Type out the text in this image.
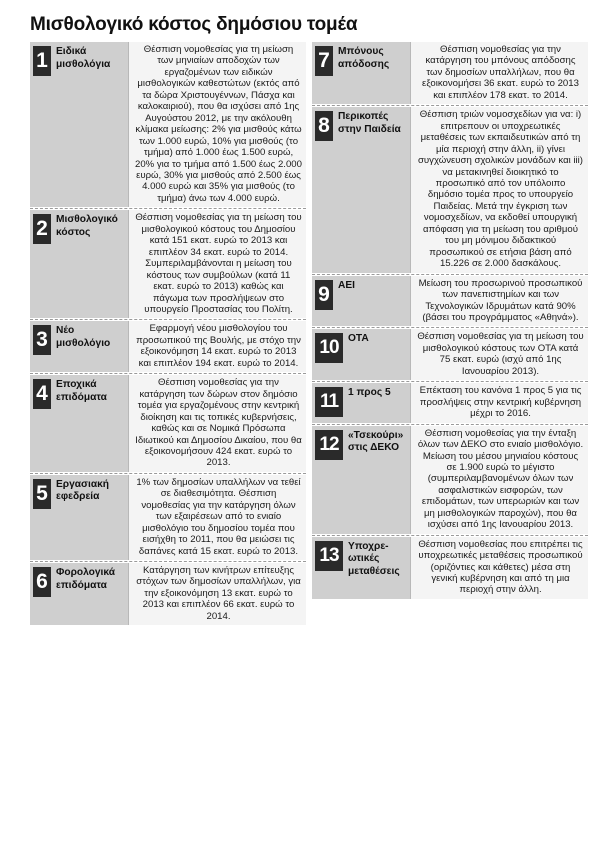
Μισθολογικό κόστος δημόσιου τομέα
1 Ειδικά μισθολόγια
Θέσπιση νομοθεσίας για τη μείωση των μηνιαίων αποδοχών των εργαζομένων των ειδικών μισθολογικών καθεστώτων (εκτός από τα δώρα Χριστουγέννων, Πάσχα και καλοκαιριού), που θα ισχύσει από 1ης Αυγούστου 2012, με την ακόλουθη κλίμακα μείωσης: 2% για μισθούς κάτω των 1.000 ευρώ, 10% για μισθούς (το τμήμα) από 1.000 έως 1.500 ευρώ, 20% για το τμήμα από 1.500 έως 2.000 ευρώ, 30% για μισθούς από 2.500 έως 4.000 ευρώ και 35% για μισθούς (το τμήμα) άνω των 4.000 ευρώ.
2 Μισθολογικό κόστος
Θέσπιση νομοθεσίας για τη μείωση του μισθολογικού κόστους του Δημοσίου κατά 151 εκατ. ευρώ το 2013 και επιπλέον 34 εκατ. ευρώ το 2014. Συμπεριλαμβάνονται η μείωση του κόστους των συμβούλων (κατά 11 εκατ. ευρώ το 2013) καθώς και πάγωμα των προσλήψεων στο υπουργείο Προστασίας του Πολίτη.
3 Νέο μισθολόγιο
Εφαρμογή νέου μισθολογίου του προσωπικού της Βουλής, με στόχο την εξοικονόμηση 14 εκατ. ευρώ το 2013 και επιπλέον 194 εκατ. ευρώ το 2014.
4 Εποχικά επιδόματα
Θέσπιση νομοθεσίας για την κατάργηση των δώρων στον δημόσιο τομέα για εργαζομένους στην κεντρική διοίκηση και τις τοπικές κυβερνήσεις, καθώς και σε Νομικά Πρόσωπα Ιδιωτικού και Δημοσίου Δικαίου, που θα εξοικονομήσουν 424 εκατ. ευρώ το 2013.
5 Εργασιακή εφεδρεία
1% των δημοσίων υπαλλήλων να τεθεί σε διαθεσιμότητα. Θέσπιση νομοθεσίας για την κατάργηση όλων των εξαιρέσεων από το ενιαίο μισθολόγιο του δημοσίου τομέα που εισήχθη το 2011, που θα μειώσει τις δαπάνες κατά 15 εκατ. ευρώ το 2013.
6 Φορολογικά επιδόματα
Κατάργηση των κινήτρων επίτευξης στόχων των δημοσίων υπαλλήλων, για την εξοικονόμηση 13 εκατ. ευρώ το 2013 και επιπλέον 66 εκατ. ευρώ το 2014.
7 Μπόνους απόδοσης
Θέσπιση νομοθεσίας για την κατάργηση του μπόνους απόδοσης των δημοσίων υπαλλήλων, που θα εξοικονομήσει 36 εκατ. ευρώ το 2013 και επιπλέον 178 εκατ. το 2014.
8 Περικοπές στην Παιδεία
Θέσπιση τριών νομοσχεδίων για να: i) επιτρεπουν οι υποχρεωτικές μεταθέσεις των εκπαιδευτικών από τη μία περιοχή στην άλλη, ii) γίνει συγχώνευση σχολικών μονάδων και iii) να μετακινηθεί διοικητικό το προσωπικό από τον υπόλοιπο δημόσιο τομέα προς το υπουργείο Παιδείας. Μετά την έγκριση των νομοσχεδίων, να εκδοθεί υπουργική απόφαση για τη μείωση του αριθμού του μη μόνιμου διδακτικού προσωπικού σε ετήσια βάση από 15.226 σε 2.000 δασκάλους.
9 ΑΕΙ	Μείωση του προσωρινού προσωπικού των πανεπιστημίων και των Τεχνολογικών Ιδρυμάτων κατά 90% (βάσει του προγράμματος «Αθηνά»).
10 ΟΤΑ	Θέσπιση νομοθεσίας για τη μείωση του μισθολογικού κόστους των ΟΤΑ κατά 75 εκατ. ευρώ (ισχύ από 1ης Ιανουαρίου 2013).
11 1 προς 5	Επέκταση του κανόνα 1 προς 5 για τις προσλήψεις στην κεντρική κυβέρνηση μέχρι το 2016.
12 «Τσεκούρι» στις ΔΕΚΟ
Θέσπιση νομοθεσίας για την ένταξη όλων των ΔΕΚΟ στο ενιαίο μισθολόγιο. Μείωση του μέσου μηνιαίου κόστους σε 1.900 ευρώ το μέγιστο (συμπεριλαμβανομένων όλων των ασφαλιστικών εισφορών, των επιδομάτων, των υπερωριών και των μη μισθολογικών παροχών), που θα ισχύσει από 1ης Ιανουαρίου 2013.
13 Υποχρε-ωτικές μεταθέσεις
Θέσπιση νομοθεσίας που επιτρέπει τις υποχρεωτικές μεταθέσεις προσωπικού (οριζόντιες και κάθετες) μέσα στη γενική κυβέρνηση και από τη μια περιοχή στην άλλη.
